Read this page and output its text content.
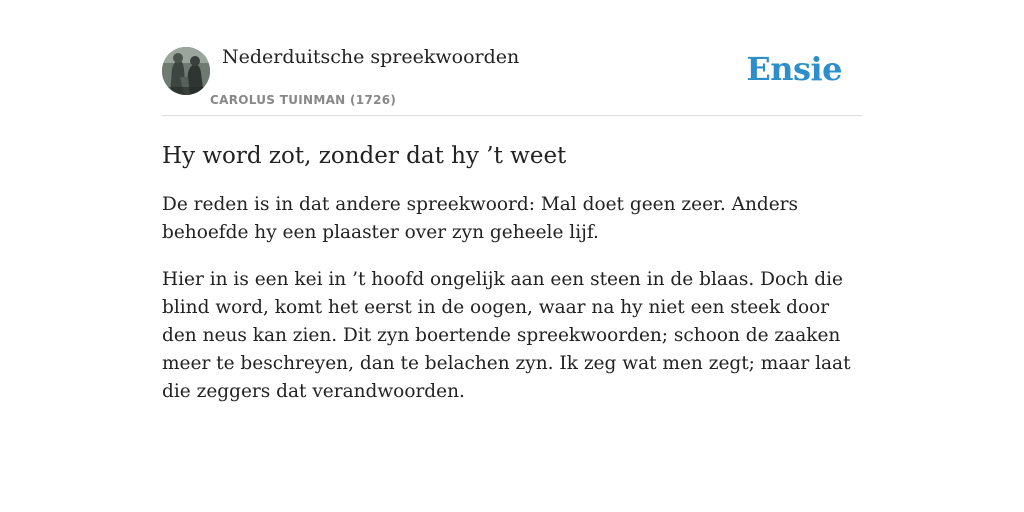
Nederduitsche spreekwoorden
CAROLUS TUINMAN (1726)
Ensie
Hy word zot, zonder dat hy ’t weet

De reden is in dat andere spreekwoord: Mal doet geen zeer. Anders behoefde hy een plaaster over zyn geheele lijf.

Hier in is een kei in ’t hoofd ongelijk aan een steen in de blaas. Doch die blind word, komt het eerst in de oogen, waar na hy niet een steek door den neus kan zien. Dit zyn boertende spreekwoorden; schoon de zaaken meer te beschreyen, dan te belachen zyn. Ik zeg wat men zegt; maar laat die zeggers dat verandwoorden.
